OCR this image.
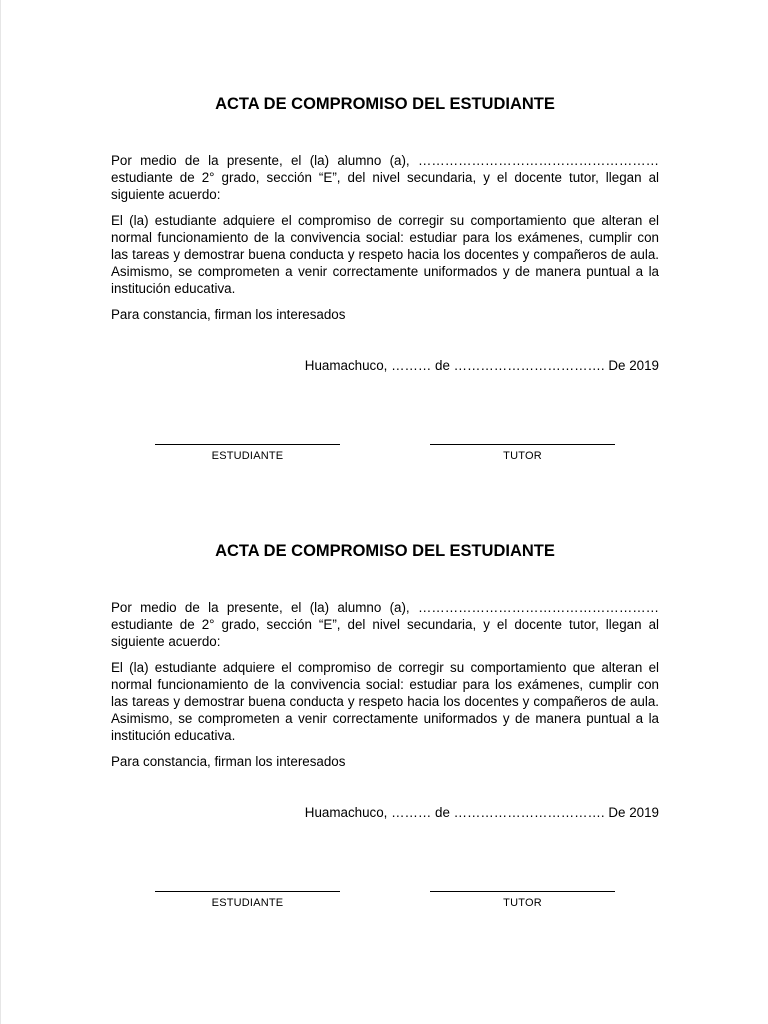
ACTA DE COMPROMISO DEL ESTUDIANTE

Por medio de la presente, el (la) alumno (a), ……………………………………………… estudiante de 2° grado, sección “E”, del nivel secundaria, y el docente tutor, llegan al siguiente acuerdo:

El (la) estudiante adquiere el compromiso de corregir su comportamiento que alteran el normal funcionamiento de la convivencia social: estudiar para los exámenes, cumplir con las tareas y demostrar buena conducta y respeto hacia los docentes y compañeros de aula. Asimismo, se comprometen a venir correctamente uniformados y de manera puntual a la institución educativa.

Para constancia, firman los interesados

Huamachuco, ……… de ……………………………. De 2019
ESTUDIANTE	TUTOR
ACTA DE COMPROMISO DEL ESTUDIANTE

Por medio de la presente, el (la) alumno (a), ……………………………………………… estudiante de 2° grado, sección “E”, del nivel secundaria, y el docente tutor, llegan al siguiente acuerdo:

El (la) estudiante adquiere el compromiso de corregir su comportamiento que alteran el normal funcionamiento de la convivencia social: estudiar para los exámenes, cumplir con las tareas y demostrar buena conducta y respeto hacia los docentes y compañeros de aula. Asimismo, se comprometen a venir correctamente uniformados y de manera puntual a la institución educativa.

Para constancia, firman los interesados

Huamachuco, ……… de ……………………………. De 2019
ESTUDIANTE	TUTOR
